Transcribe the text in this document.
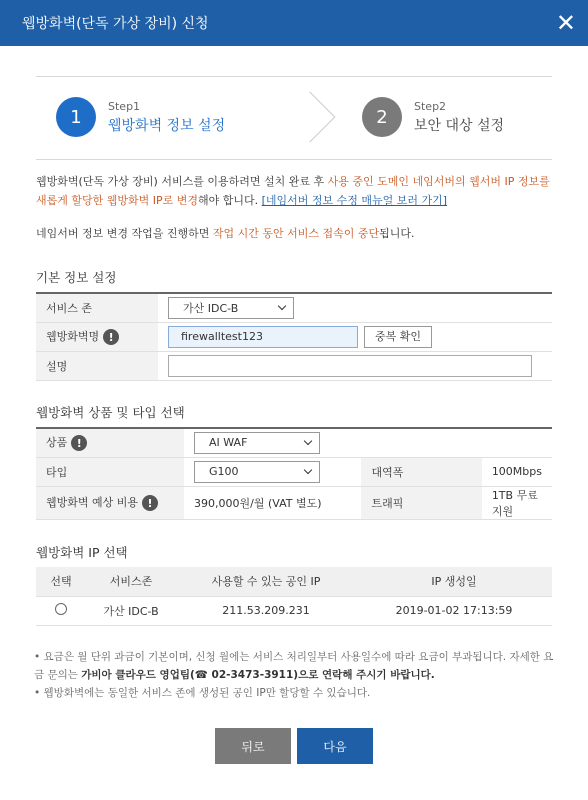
웹방화벽(단독 가상 장비) 신청	✕
1
Step1
웹방화벽 정보 설정	2
Step2
보안 대상 설정
웹방화벽(단독 가상 장비) 서비스를 이용하려면 설치 완료 후 사용 중인 도메인 네임서버의 웹서버 IP 정보를 새롭게 할당한 웹방화벽 IP로 변경해야 합니다. [네임서버 정보 수정 매뉴얼 보러 가기]
네임서버 정보 변경 작업을 진행하면 작업 시간 동안 서비스 접속이 중단됩니다.
기본 정보 설정
서비스 존	가산 IDC-B

웹방화벽명 !	firewalltest123 중복 확인
설명	
웹방화벽 상품 및 타입 선택
상품 !	AI WAF		

타입	G100	대역폭	100Mbps
웹방화벽 예상 비용 !	390,000원/월 (VAT 별도)	트래픽	1TB 무료 지원
웹방화벽 IP 선택
선택	서비스존	사용할 수 있는 공인 IP	IP 생성일
	가산 IDC-B	211.53.209.231	2019-01-02 17:13:59
• 요금은 월 단위 과금이 기본이며, 신청 월에는 서비스 처리일부터 사용일수에 따라 요금이 부과됩니다. 자세한 요금 문의는 가비아 클라우드 영업팀(☎ 02-3473-3911)으로 연락해 주시기 바랍니다.
• 웹방화벽에는 동일한 서비스 존에 생성된 공인 IP만 할당할 수 있습니다.
뒤로	다음
